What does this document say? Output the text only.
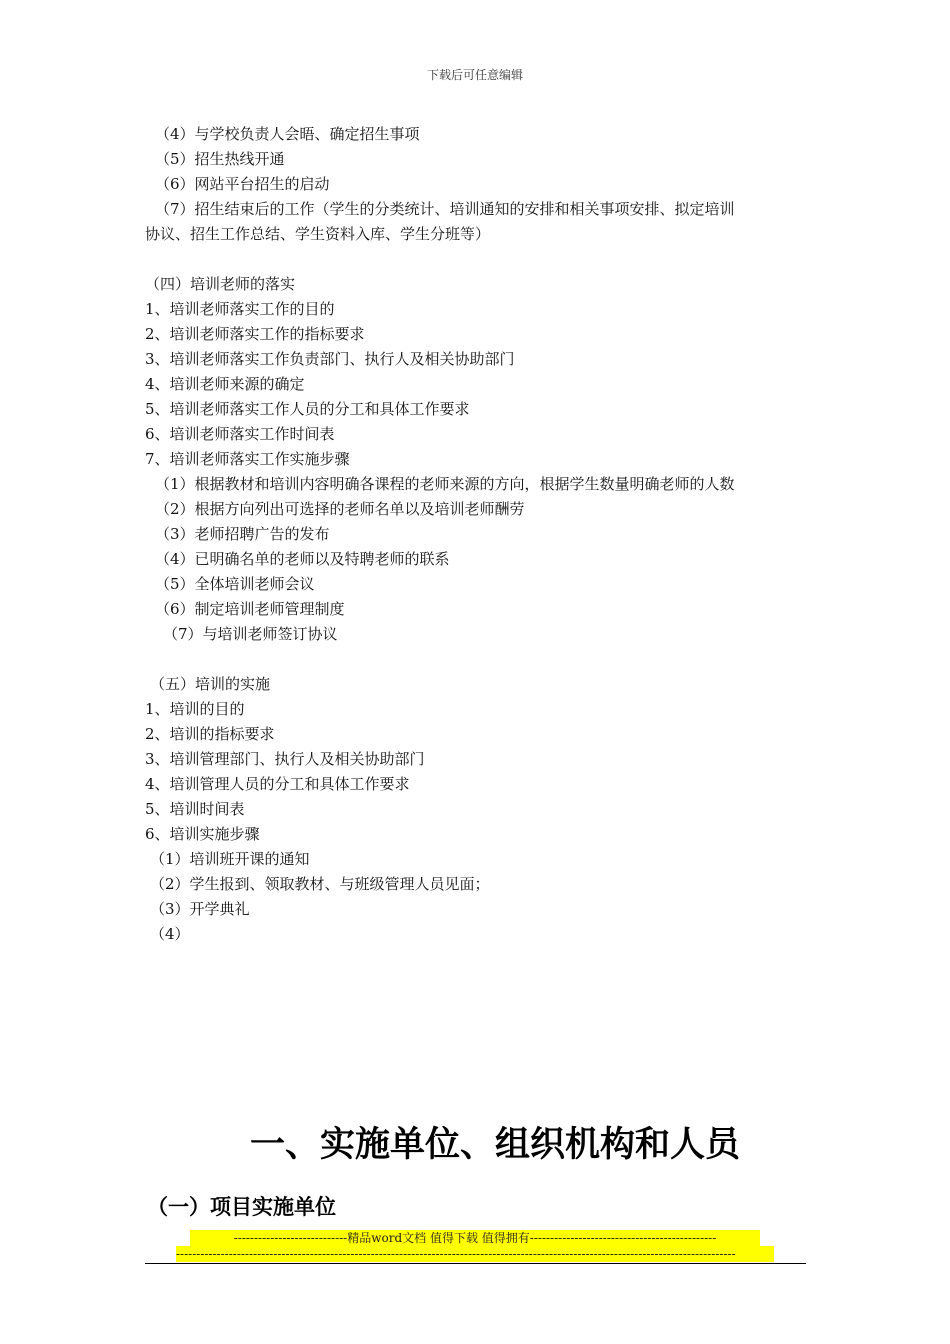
下载后可任意编辑
（4）与学校负责人会晤、确定招生事项
（5）招生热线开通
（6）网站平台招生的启动
（7）招生结束后的工作（学生的分类统计、培训通知的安排和相关事项安排、拟定培训
协议、招生工作总结、学生资料入库、学生分班等）
（四）培训老师的落实
1、培训老师落实工作的目的
2、培训老师落实工作的指标要求
3、培训老师落实工作负责部门、执行人及相关协助部门
4、培训老师来源的确定
5、培训老师落实工作人员的分工和具体工作要求
6、培训老师落实工作时间表
7、培训老师落实工作实施步骤
（1）根据教材和培训内容明确各课程的老师来源的方向，根据学生数量明确老师的人数
（2）根据方向列出可选择的老师名单以及培训老师酬劳
（3）老师招聘广告的发布
（4）已明确名单的老师以及特聘老师的联系
（5）全体培训老师会议
（6）制定培训老师管理制度
（7）与培训老师签订协议
（五）培训的实施
1、培训的目的
2、培训的指标要求
3、培训管理部门、执行人及相关协助部门
4、培训管理人员的分工和具体工作要求
5、培训时间表
6、培训实施步骤
（1）培训班开课的通知
（2）学生报到、领取教材、与班级管理人员见面；
（3）开学典礼
（4）
一、实施单位、组织机构和人员
（一）项目实施单位
----------------------------精品word文档 值得下载 值得拥有----------------------------------------------
------------------------------------------------------------------------------------------------------------------------------------------
